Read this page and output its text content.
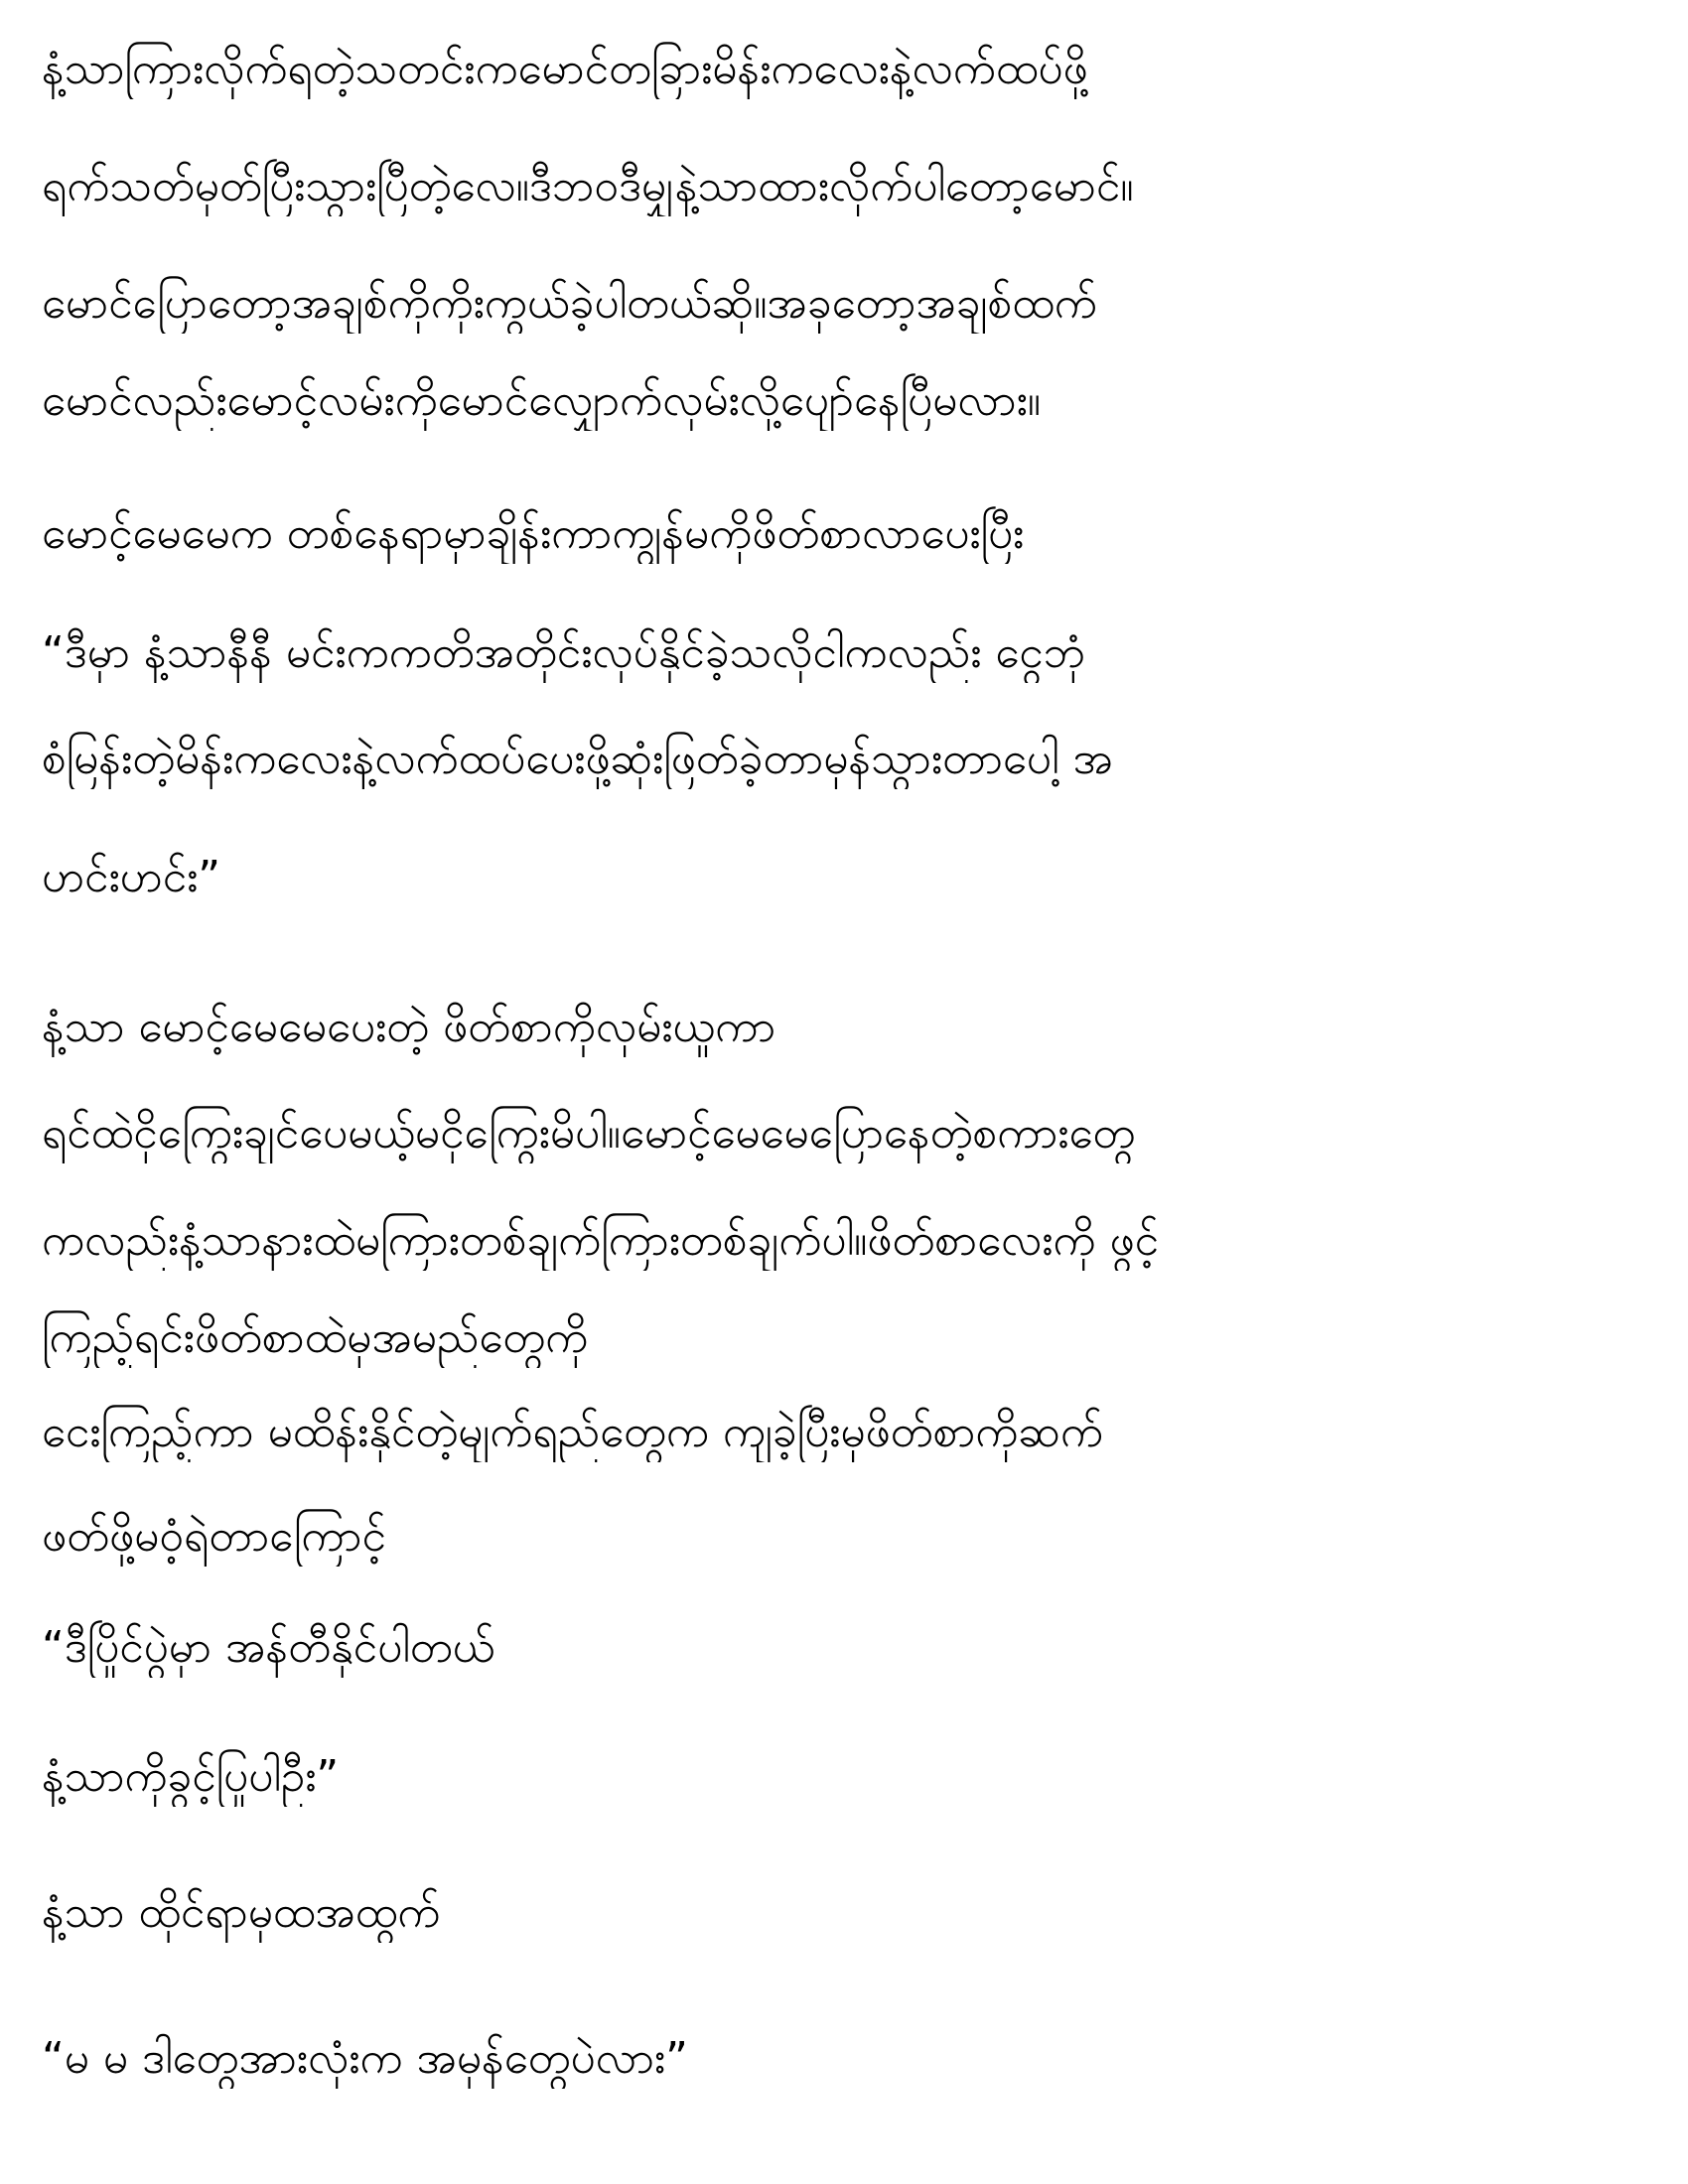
နံ့သာကြားလိုက်ရတဲ့သတင်းကမောင်တခြားမိန်းကလေးနဲ့လက်ထပ်ဖို့
ရက်သတ်မှတ်ပြီးသွားပြီတဲ့လေ။ဒီဘဝဒီမျှနဲ့သာထားလိုက်ပါတော့မောင်။
မောင်ပြောတော့အချစ်ကိုကိုးကွယ်ခဲ့ပါတယ်ဆို။အခုတော့အချစ်ထက်
မောင်လည်းမောင့်လမ်းကိုမောင်လျှောက်လှမ်းလို့ပျော်နေပြီမလား။
မောင့်မေမေက တစ်နေရာမှာချိန်းကာကျွန်မကိုဖိတ်စာလာပေးပြီး
“ဒီမှာ နံ့သာနီနီ မင်းကကတိအတိုင်းလုပ်နိုင်ခဲ့သလိုငါကလည်း ငွေဘုံ
စံမြန်းတဲ့မိန်းကလေးနဲ့လက်ထပ်ပေးဖို့ဆုံးဖြတ်ခဲ့တာမှန်သွားတာပေါ့ အ
ဟင်းဟင်း”
နံ့သာ မောင့်မေမေပေးတဲ့ ဖိတ်စာကိုလှမ်းယူကာ
ရင်ထဲငိုကြွေးချင်ပေမယ့်မငိုကြွေးမိပါ။မောင့်မေမေပြောနေတဲ့စကားတွေ
ကလည်းနံ့သာနားထဲမကြားတစ်ချက်ကြားတစ်ချက်ပါ။ဖိတ်စာလေးကို ဖွင့်
ကြည့်ရင်းဖိတ်စာထဲမှအမည်တွေကို
ငေးကြည့်ကာ မထိန်းနိုင်တဲ့မျက်ရည်တွေက ကျခဲ့ပြီးမှဖိတ်စာကိုဆက်
ဖတ်ဖို့မဝံ့ရဲတာကြောင့်
“ဒီပြိုင်ပွဲမှာ အန်တီနိုင်ပါတယ်
နံ့သာကိုခွင့်ပြုပါဦး”
နံ့သာ ထိုင်ရာမှထအထွက်
“မ မ ဒါတွေအားလုံးက အမှန်တွေပဲလား”
